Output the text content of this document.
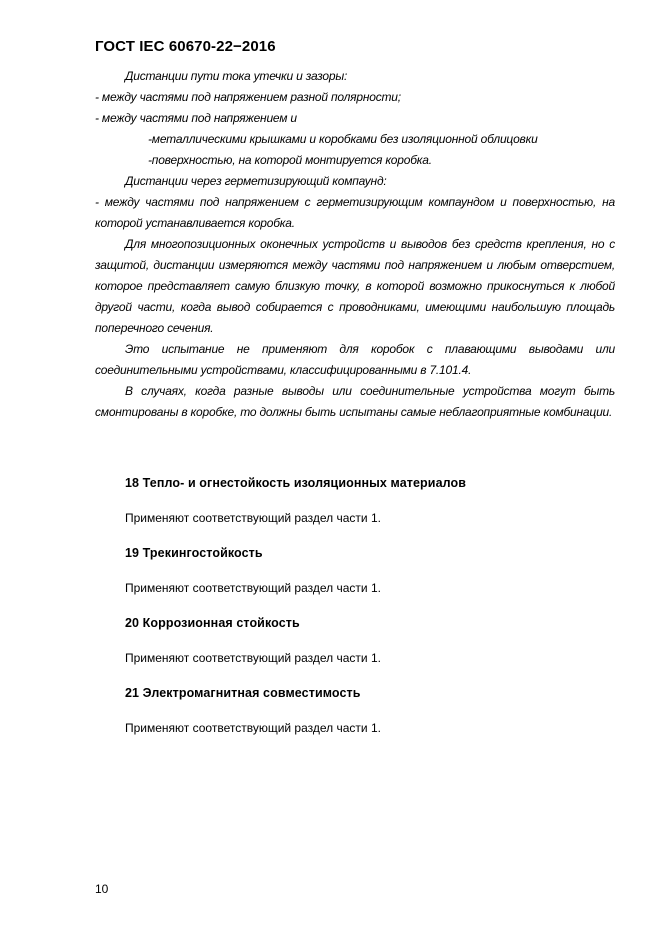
ГОСТ IEC 60670-22−2016

Дистанции пути тока утечки и зазоры:

- между частями под напряжением разной полярности;

- между частями под напряжением и

-металлическими крышками и коробками без изоляционной облицовки

-поверхностью, на которой монтируется коробка.

Дистанции через герметизирующий компаунд:

- между частями под напряжением с герметизирующим компаундом и поверхностью, на которой устанавливается коробка.

Для многопозиционных оконечных устройств и выводов без средств крепления, но с защитой, дистанции измеряются между частями под напряжением и любым отверстием, которое представляет самую близкую точку, в которой возможно прикоснуться к любой другой части, когда вывод собирается с проводниками, имеющими наибольшую площадь поперечного сечения.

Это испытание не применяют для коробок с плавающими выводами или соединительными устройствами, классифицированными в 7.101.4.

В случаях, когда разные выводы или соединительные устройства могут быть смонтированы в коробке, то должны быть испытаны самые неблагоприятные комбинации.

18 Тепло- и огнестойкость изоляционных материалов
Применяют соответствующий раздел части 1.
19 Трекингостойкость
Применяют соответствующий раздел части 1.
20 Коррозионная стойкость
Применяют соответствующий раздел части 1.
21 Электромагнитная совместимость
Применяют соответствующий раздел части 1.
10
